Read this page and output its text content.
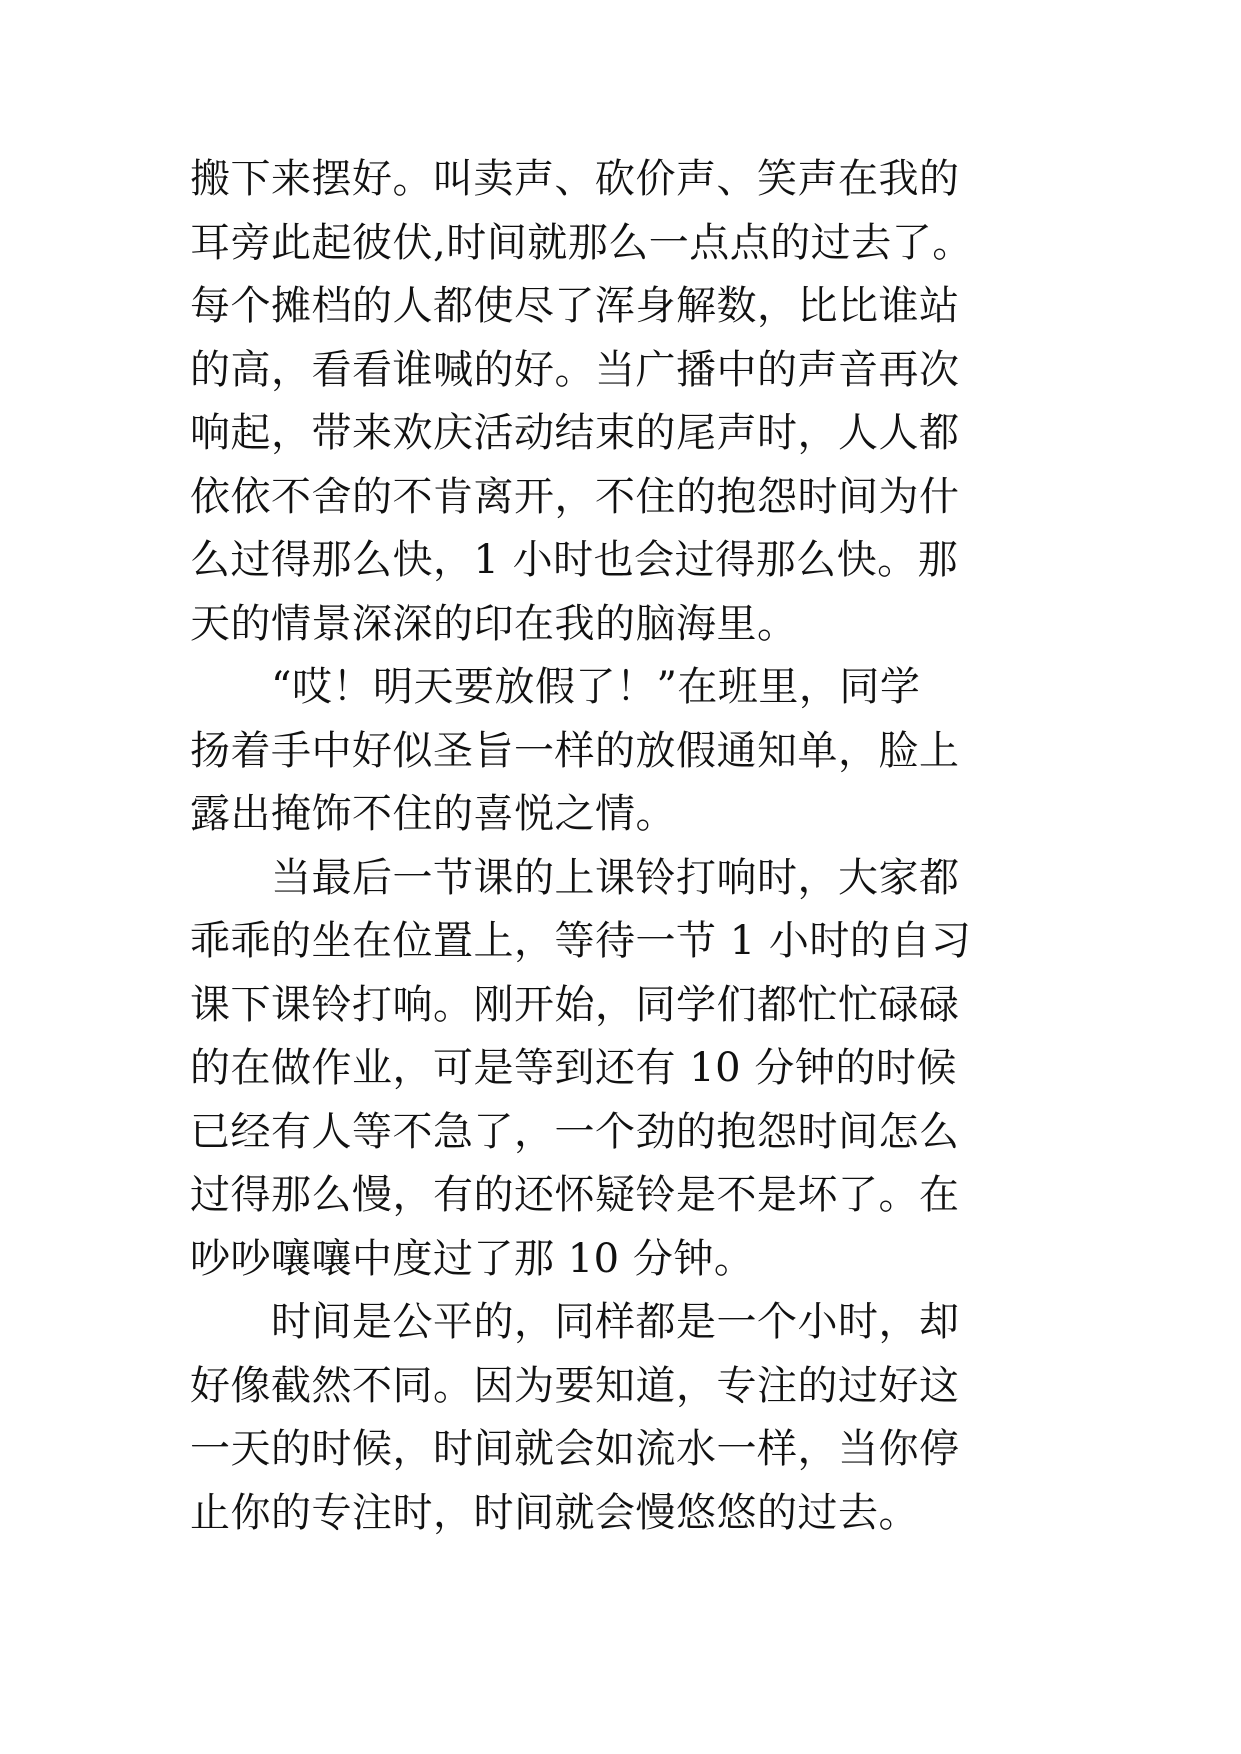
搬下来摆好。叫卖声、砍价声、笑声在我的
耳旁此起彼伏,时间就那么一点点的过去了。
每个摊档的人都使尽了浑身解数，比比谁站
的高，看看谁喊的好。当广播中的声音再次
响起，带来欢庆活动结束的尾声时，人人都
依依不舍的不肯离开，不住的抱怨时间为什
么过得那么快，1 小时也会过得那么快。那
天的情景深深的印在我的脑海里。
　　“哎！明天要放假了！”在班里，同学
扬着手中好似圣旨一样的放假通知单，脸上
露出掩饰不住的喜悦之情。
　　当最后一节课的上课铃打响时，大家都
乖乖的坐在位置上，等待一节 1 小时的自习
课下课铃打响。刚开始，同学们都忙忙碌碌
的在做作业，可是等到还有 10 分钟的时候
已经有人等不急了，一个劲的抱怨时间怎么
过得那么慢，有的还怀疑铃是不是坏了。在
吵吵嚷嚷中度过了那 10 分钟。
　　时间是公平的，同样都是一个小时，却
好像截然不同。因为要知道，专注的过好这
一天的时候，时间就会如流水一样，当你停
止你的专注时，时间就会慢悠悠的过去。
